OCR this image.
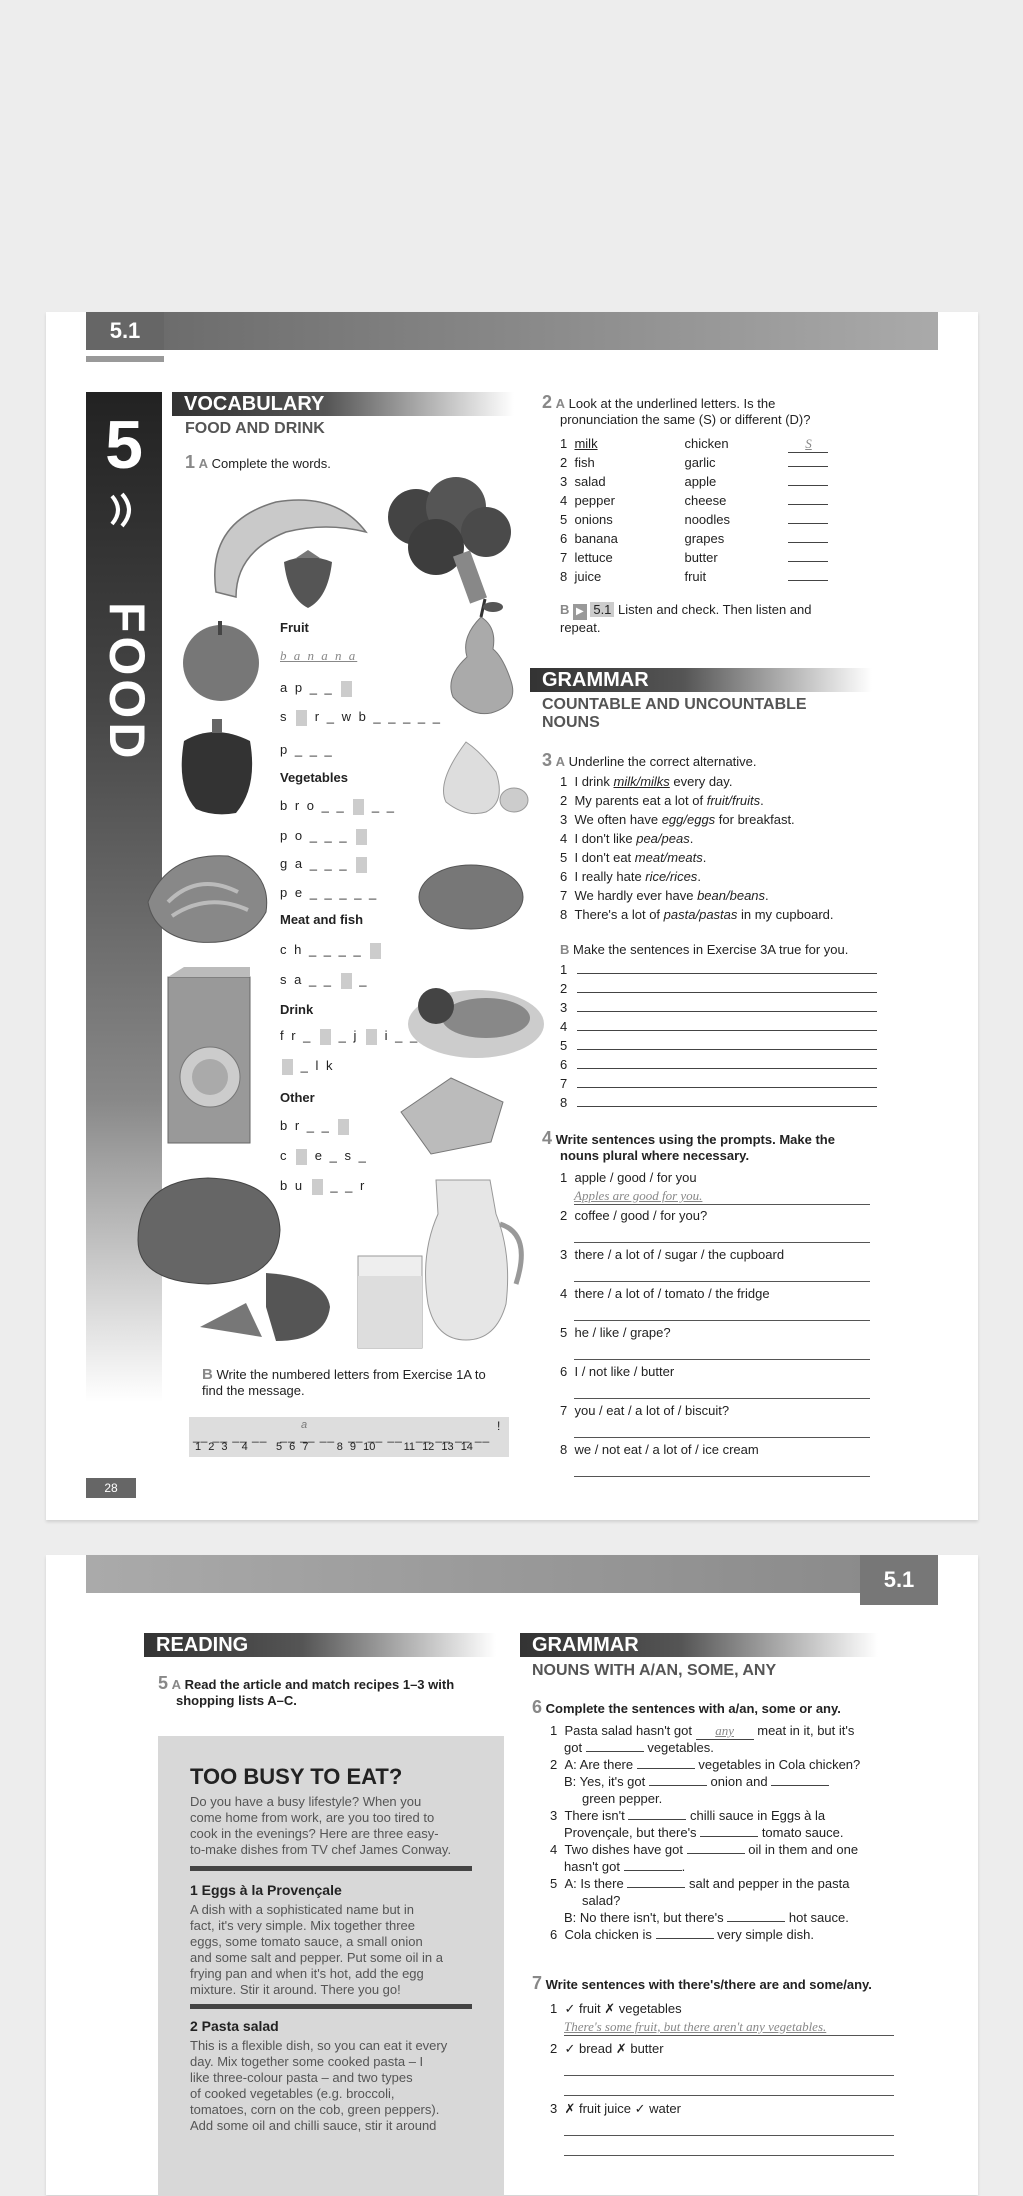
5.1
5
FOOD
VOCABULARY
FOOD AND DRINK
1 A Complete the words.
Fruit
b a n a n a
a p _ _
s r _ w b _ _ _ _ _
p _ _ _
Vegetables
b r o _ _  _ _
p o _ _ _
g a _ _ _
p e _ _ _ _ _
Meat and fish
c h _ _ _ _
s a _ _  _
Drink
f r _  _ j i _ _
_ l k
Other
b r _ _
c e _ s _
b u  _ _ r
B Write the numbered letters from Exercise 1A to
find the message.
a	!
__ __ __ __   __ __ __   __ __ __   __ __ __ __
1 2 3 4	5 6 7	8 9 10	11 12 13 14
28
2 A Look at the underlined letters. Is the
pronunciation the same (S) or different (D)?
1 milk	chicken	S
2 fish	garlic
3 salad	apple
4 pepper	cheese
5 onions	noodles
6 banana	grapes
7 lettuce	butter
8 juice	fruit
B ▶ 5.1 Listen and check. Then listen and
repeat.
GRAMMAR
COUNTABLE AND UNCOUNTABLE
NOUNS
3 A Underline the correct alternative.
1 I drink milk/milks every day.
2 My parents eat a lot of fruit/fruits.
3 We often have egg/eggs for breakfast.
4 I don't like pea/peas.
5 I don't eat meat/meats.
6 I really hate rice/rices.
7 We hardly ever have bean/beans.
8 There's a lot of pasta/pastas in my cupboard.
B Make the sentences in Exercise 3A true for you.
1
2
3
4
5
6
7
8
4 Write sentences using the prompts. Make the
nouns plural where necessary.
1 apple / good / for you
Apples are good for you.
2 coffee / good / for you?
3 there / a lot of / sugar / the cupboard
4 there / a lot of / tomato / the fridge
5 he / like / grape?
6 I / not like / butter
7 you / eat / a lot of / biscuit?
8 we / not eat / a lot of / ice cream
5.1
READING
5 A Read the article and match recipes 1–3 with
shopping lists A–C.
TOO BUSY TO EAT?
Do you have a busy lifestyle? When you
come home from work, are you too tired to
cook in the evenings? Here are three easy-
to-make dishes from TV chef James Conway.
1 Eggs à la Provençale
A dish with a sophisticated name but in
fact, it's very simple. Mix together three
eggs, some tomato sauce, a small onion
and some salt and pepper. Put some oil in a
frying pan and when it's hot, add the egg
mixture. Stir it around. There you go!
2 Pasta salad
This is a flexible dish, so you can eat it every
day. Mix together some cooked pasta – I
like three-colour pasta – and two types
of cooked vegetables (e.g. broccoli,
tomatoes, corn on the cob, green peppers).
Add some oil and chilli sauce, stir it around
GRAMMAR
NOUNS WITH A/AN, SOME, ANY
6 Complete the sentences with a/an, some or any.
1 Pasta salad hasn't got any meat in it, but it's
got	vegetables.
2 A: Are there	vegetables in Cola chicken?
B: Yes, it's got	onion and
green pepper.
3 There isn't	chilli sauce in Eggs à la
Provençale, but there's	tomato sauce.
4 Two dishes have got	oil in them and one
hasn't got	.
5 A: Is there	salt and pepper in the pasta
salad?
B: No there isn't, but there's	hot sauce.
6 Cola chicken is	very simple dish.
7 Write sentences with there's/there are and some/any.
1 ✓ fruit ✗ vegetables
There's some fruit, but there aren't any vegetables.
2 ✓ bread ✗ butter
3 ✗ fruit juice ✓ water
